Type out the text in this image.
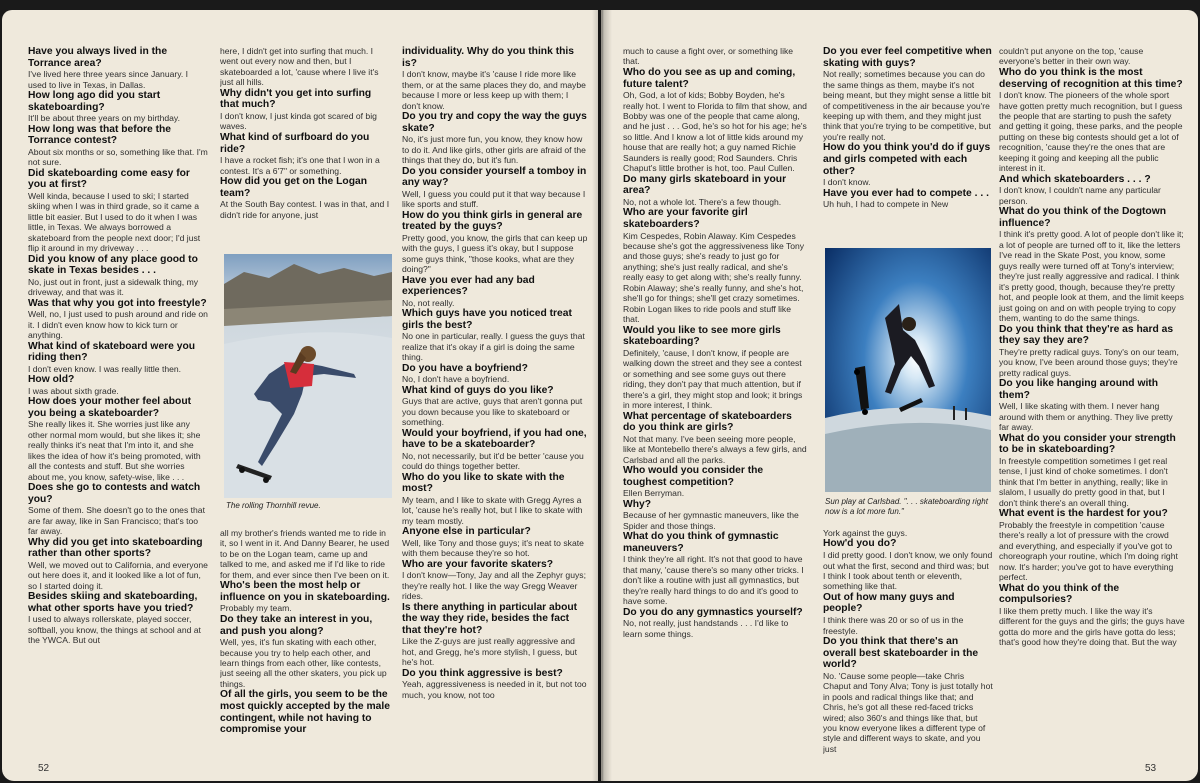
Have you always lived in the Torrance area?

I've lived here three years since January. I used to live in Texas, in Dallas.

How long ago did you start skateboarding?

It'll be about three years on my birthday.

How long was that before the Torrance contest?

About six months or so, something like that. I'm not sure.

Did skateboarding come easy for you at first?

Well kinda, because I used to ski; I started skiing when I was in third grade, so it came a little bit easier. But I used to do it when I was little, in Texas. We always borrowed a skateboard from the people next door; I'd just flip it around in my driveway . . .

Did you know of any place good to skate in Texas besides . . .

No, just out in front, just a sidewalk thing, my driveway, and that was it.

Was that why you got into freestyle?

Well, no, I just used to push around and ride on it. I didn't even know how to kick turn or anything.

What kind of skateboard were you riding then?

I don't even know. I was really little then.

How old?

I was about sixth grade.

How does your mother feel about you being a skateboarder?

She really likes it. She worries just like any other normal mom would, but she likes it; she really thinks it's neat that I'm into it, and she likes the idea of how it's being promoted, with all the contests and stuff. But she worries about me, you know, safety-wise, like . . .

Does she go to contests and watch you?

Some of them. She doesn't go to the ones that are far away, like in San Francisco; that's too far away.

Why did you get into skateboarding rather than other sports?

Well, we moved out to California, and everyone out here does it, and it looked like a lot of fun, so I started doing it.

Besides skiing and skateboarding, what other sports have you tried?

I used to always rollerskate, played soccer, softball, you know, the things at school and at the YWCA. But out

here, I didn't get into surfing that much. I went out every now and then, but I skateboarded a lot, 'cause where I live it's just all hills.

Why didn't you get into surfing that much?

I don't know, I just kinda got scared of big waves.

What kind of surfboard do you ride?

I have a rocket fish; it's one that I won in a contest. It's a 6'7" or something.

How did you get on the Logan team?

At the South Bay contest. I was in that, and I didn't ride for anyone, just

The rolling Thornhill revue.

all my brother's friends wanted me to ride in it, so I went in it. And Danny Bearer, he used to be on the Logan team, came up and talked to me, and asked me if I'd like to ride for them, and ever since then I've been on it.

Who's been the most help or influence on you in skateboarding.

Probably my team.

Do they take an interest in you, and push you along?

Well, yes, it's fun skating with each other, because you try to help each other, and learn things from each other, like contests, just seeing all the other skaters, you pick up things.

Of all the girls, you seem to be the most quickly accepted by the male contingent, while not having to compromise your

individuality. Why do you think this is?

I don't know, maybe it's 'cause I ride more like them, or at the same places they do, and maybe because I more or less keep up with them; I don't know.

Do you try and copy the way the guys skate?

No, it's just more fun, you know, they know how to do it. And like girls, other girls are afraid of the things that they do, but it's fun.

Do you consider yourself a tomboy in any way?

Well, I guess you could put it that way because I like sports and stuff.

How do you think girls in general are treated by the guys?

Pretty good, you know, the girls that can keep up with the guys, I guess it's okay, but I suppose some guys think, "those kooks, what are they doing?"

Have you ever had any bad experiences?

No, not really.

Which guys have you noticed treat girls the best?

No one in particular, really. I guess the guys that realize that it's okay if a girl is doing the same thing.

Do you have a boyfriend?

No, I don't have a boyfriend.

What kind of guys do you like?

Guys that are active, guys that aren't gonna put you down because you like to skateboard or something.

Would your boyfriend, if you had one, have to be a skateboarder?

No, not necessarily, but it'd be better 'cause you could do things together better.

Who do you like to skate with the most?

My team, and I like to skate with Gregg Ayres a lot, 'cause he's really hot, but I like to skate with my team mostly.

Anyone else in particular?

Well, like Tony and those guys; it's neat to skate with them because they're so hot.

Who are your favorite skaters?

I don't know—Tony, Jay and all the Zephyr guys; they're really hot. I like the way Gregg Weaver rides.

Is there anything in particular about the way they ride, besides the fact that they're hot?

Like the Z-guys are just really aggressive and hot, and Gregg, he's more stylish, I guess, but he's hot.

Do you think aggressive is best?

Yeah, aggressiveness is needed in it, but not too much, you know, not too

52

much to cause a fight over, or something like that.

Who do you see as up and coming, future talent?

Oh, God, a lot of kids; Bobby Boyden, he's really hot. I went to Florida to film that show, and Bobby was one of the people that came along, and he just . . . God, he's so hot for his age; he's so little. And I know a lot of little kids around my house that are really hot; a guy named Richie Saunders is really good; Rod Saunders. Chris Chaput's little brother is hot, too. Paul Cullen.

Do many girls skateboard in your area?

No, not a whole lot. There's a few though.

Who are your favorite girl skateboarders?

Kim Cespedes, Robin Alaway. Kim Cespedes because she's got the aggressiveness like Tony and those guys; she's ready to just go for anything; she's just really radical, and she's really easy to get along with; she's really funny. Robin Alaway; she's really funny, and she's hot, she'll go for things; she'll get crazy sometimes. Robin Logan likes to ride pools and stuff like that.

Would you like to see more girls skateboarding?

Definitely, 'cause, I don't know, if people are walking down the street and they see a contest or something and see some guys out there riding, they don't pay that much attention, but if there's a girl, they might stop and look; it brings in more interest, I think.

What percentage of skateboarders do you think are girls?

Not that many. I've been seeing more people, like at Montebello there's always a few girls, and Carlsbad and all the parks.

Who would you consider the toughest competition?

Ellen Berryman.

Why?

Because of her gymnastic maneuvers, like the Spider and those things.

What do you think of gymnastic maneuvers?

I think they're all right. It's not that good to have that many, 'cause there's so many other tricks. I don't like a routine with just all gymnastics, but they're really hard things to do and it's good to have some.

Do you do any gymnastics yourself?

No, not really, just handstands . . . I'd like to learn some things.

Do you ever feel competitive when skating with guys?

Not really; sometimes because you can do the same things as them, maybe it's not being meant, but they might sense a little bit of competitiveness in the air because you're keeping up with them, and they might just think that you're trying to be competitive, but you're really not.

How do you think you'd do if guys and girls competed with each other?

I don't know.

Have you ever had to compete . . .

Uh huh, I had to compete in New

Sun play at Carlsbad. ". . . skateboarding right now is a lot more fun."

York against the guys.

How'd you do?

I did pretty good. I don't know, we only found out what the first, second and third was; but I think I took about tenth or eleventh, something like that.

Out of how many guys and people?

I think there was 20 or so of us in the freestyle.

Do you think that there's an overall best skateboarder in the world?

No. 'Cause some people—take Chris Chaput and Tony Alva; Tony is just totally hot in pools and radical things like that; and Chris, he's got all these red-faced tricks wired; also 360's and things like that, but you know everyone likes a different type of style and different ways to skate, and you just

couldn't put anyone on the top, 'cause everyone's better in their own way.

Who do you think is the most deserving of recognition at this time?

I don't know. The pioneers of the whole sport have gotten pretty much recognition, but I guess the people that are starting to push the safety and getting it going, these parks, and the people putting on these big contests should get a lot of recognition, 'cause they're the ones that are keeping it going and keeping all the public interest in it.

And which skateboarders . . . ?

I don't know, I couldn't name any particular person.

What do you think of the Dogtown influence?

I think it's pretty good. A lot of people don't like it; a lot of people are turned off to it, like the letters I've read in the Skate Post, you know, some guys really were turned off at Tony's interview; they're just really aggressive and radical. I think it's pretty good, though, because they're pretty hot, and people look at them, and the limit keeps just going on and on with people trying to copy them, wanting to do the same things.

Do you think that they're as hard as they say they are?

They're pretty radical guys. Tony's on our team, you know, I've been around those guys; they're pretty radical guys.

Do you like hanging around with them?

Well, I like skating with them. I never hang around with them or anything. They live pretty far away.

What do you consider your strength to be in skateboarding?

In freestyle competition sometimes I get real tense, I just kind of choke sometimes. I don't think that I'm better in anything, really; like in slalom, I usually do pretty good in that, but I don't think there's an overall thing.

What event is the hardest for you?

Probably the freestyle in competition 'cause there's really a lot of pressure with the crowd and everything, and especially if you've got to choreograph your routine, which I'm doing right now. It's harder; you've got to have everything perfect.

What do you think of the compulsories?

I like them pretty much. I like the way it's different for the guys and the girls; the guys have gotta do more and the girls have gotta do less; that's good how they're doing that. But the way

53
